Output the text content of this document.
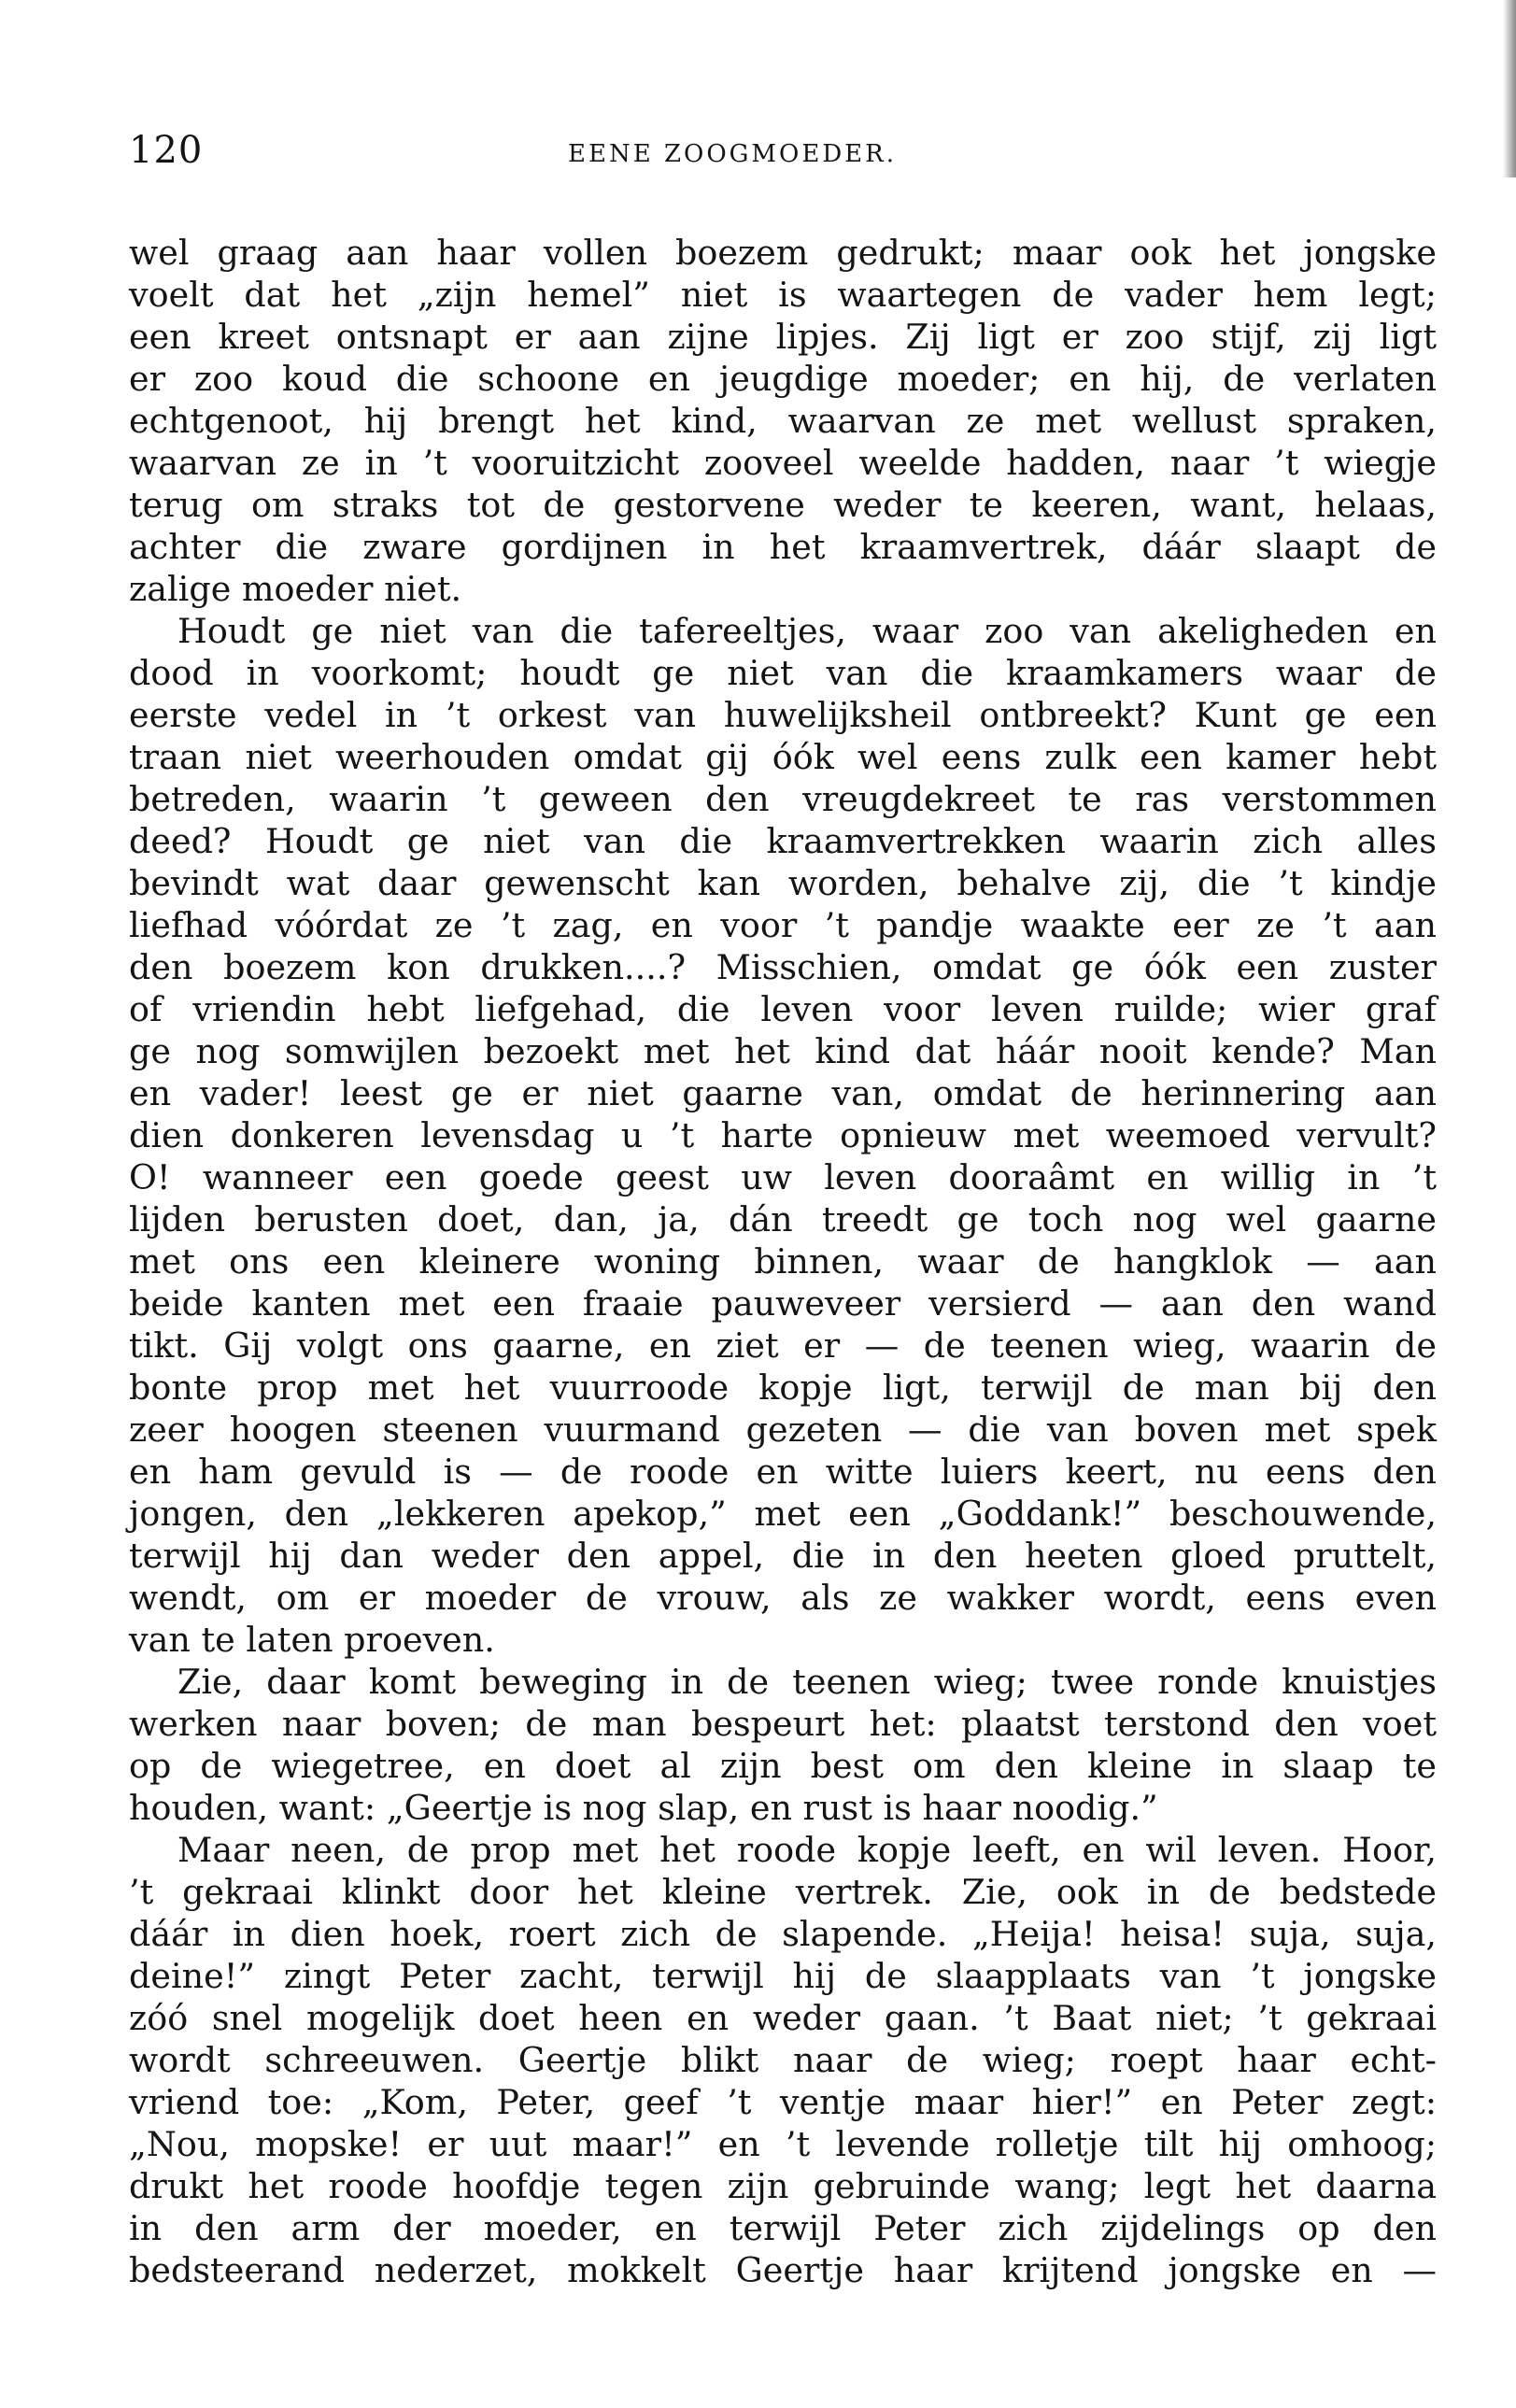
120	EENE ZOOGMOEDER.
wel graag aan haar vollen boezem gedrukt; maar ook het jongske
voelt dat het „zijn hemel” niet is waartegen de vader hem legt;
een kreet ontsnapt er aan zijne lipjes. Zij ligt er zoo stijf, zij ligt
er zoo koud die schoone en jeugdige moeder; en hij, de verlaten
echtgenoot, hij brengt het kind, waarvan ze met wellust spraken,
waarvan ze in ’t vooruitzicht zooveel weelde hadden, naar ’t wiegje
terug om straks tot de gestorvene weder te keeren, want, helaas,
achter die zware gordijnen in het kraamvertrek, dáár slaapt de
zalige moeder niet.
Houdt ge niet van die tafereeltjes, waar zoo van akeligheden en
dood in voorkomt; houdt ge niet van die kraamkamers waar de
eerste vedel in ’t orkest van huwelijksheil ontbreekt? Kunt ge een
traan niet weerhouden omdat gij óók wel eens zulk een kamer hebt
betreden, waarin ’t geween den vreugdekreet te ras verstommen
deed? Houdt ge niet van die kraamvertrekken waarin zich alles
bevindt wat daar gewenscht kan worden, behalve zij, die ’t kindje
liefhad vóórdat ze ’t zag, en voor ’t pandje waakte eer ze ’t aan
den boezem kon drukken....? Misschien, omdat ge óók een zuster
of vriendin hebt liefgehad, die leven voor leven ruilde; wier graf
ge nog somwijlen bezoekt met het kind dat háár nooit kende? Man
en vader! leest ge er niet gaarne van, omdat de herinnering aan
dien donkeren levensdag u ’t harte opnieuw met weemoed vervult?
O! wanneer een goede geest uw leven dooraâmt en willig in ’t
lijden berusten doet, dan, ja, dán treedt ge toch nog wel gaarne
met ons een kleinere woning binnen, waar de hangklok — aan
beide kanten met een fraaie pauweveer versierd — aan den wand
tikt. Gij volgt ons gaarne, en ziet er — de teenen wieg, waarin de
bonte prop met het vuurroode kopje ligt, terwijl de man bij den
zeer hoogen steenen vuurmand gezeten — die van boven met spek
en ham gevuld is — de roode en witte luiers keert, nu eens den
jongen, den „lekkeren apekop,” met een „Goddank!” beschouwende,
terwijl hij dan weder den appel, die in den heeten gloed pruttelt,
wendt, om er moeder de vrouw, als ze wakker wordt, eens even
van te laten proeven.
Zie, daar komt beweging in de teenen wieg; twee ronde knuistjes
werken naar boven; de man bespeurt het: plaatst terstond den voet
op de wiegetree, en doet al zijn best om den kleine in slaap te
houden, want: „Geertje is nog slap, en rust is haar noodig.”
Maar neen, de prop met het roode kopje leeft, en wil leven. Hoor,
’t gekraai klinkt door het kleine vertrek. Zie, ook in de bedstede
dáár in dien hoek, roert zich de slapende. „Heija! heisa! suja, suja,
deine!” zingt Peter zacht, terwijl hij de slaapplaats van ’t jongske
zóó snel mogelijk doet heen en weder gaan. ’t Baat niet; ’t gekraai
wordt schreeuwen. Geertje blikt naar de wieg; roept haar echt-
vriend toe: „Kom, Peter, geef ’t ventje maar hier!” en Peter zegt:
„Nou, mopske! er uut maar!” en ’t levende rolletje tilt hij omhoog;
drukt het roode hoofdje tegen zijn gebruinde wang; legt het daarna
in den arm der moeder, en terwijl Peter zich zijdelings op den
bedsteerand nederzet, mokkelt Geertje haar krijtend jongske en —
